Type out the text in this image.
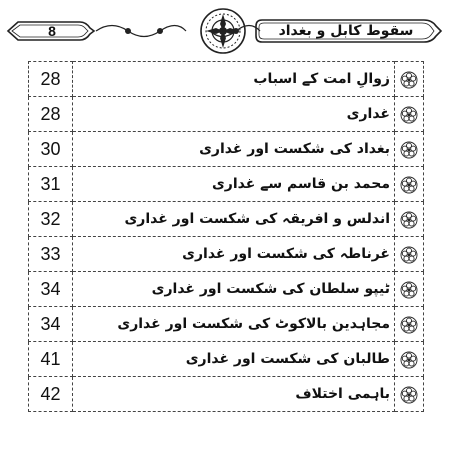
8	سقوط کابل و بغداد
28	زوالِ امت کے اسباب	
28	غداری	
30	بغداد کی شکست اور غداری	
31	محمد بن قاسم سے غداری	
32	اندلس و افریقہ کی شکست اور غداری	
33	غرناطہ کی شکست اور غداری	
34	ٹیپو سلطان کی شکست اور غداری	
34	مجاہدین بالاکوٹ کی شکست اور غداری	
41	طالبان کی شکست اور غداری	
42	باہمی اختلاف	
